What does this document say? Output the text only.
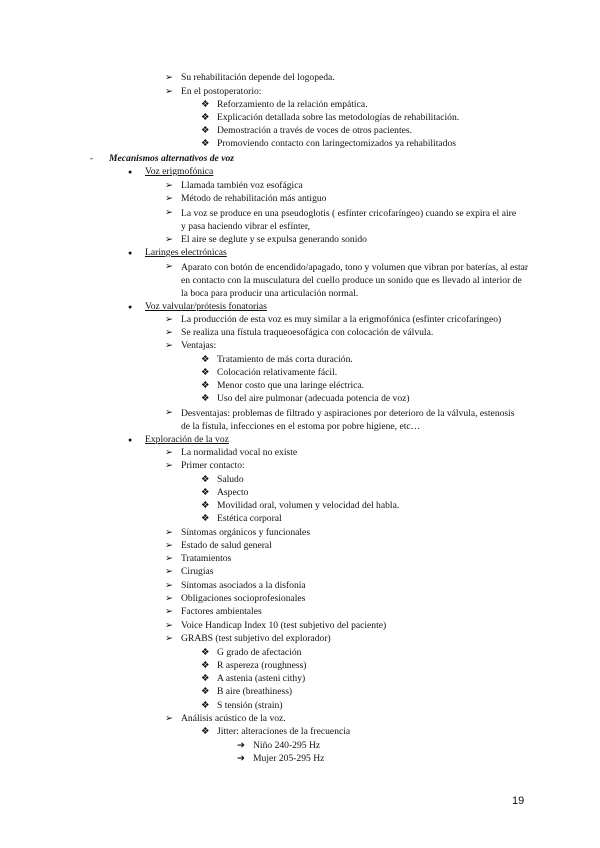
➢ Su rehabilitación depende del logopeda.
➢ En el postoperatorio:
❖ Reforzamiento de la relación empática.
❖ Explicación detallada sobre las metodologías de rehabilitación.
❖ Demostración a través de voces de otros pacientes.
❖ Promoviendo contacto con laringectomizados ya rehabilitados
- Mecanismos alternativos de voz
● Voz erigmofónica
➢ Llamada también voz esofágica
➢ Método de rehabilitación más antiguo
➢ La voz se produce en una pseudoglotis ( esfínter cricofaríngeo) cuando se expira el aire y pasa haciendo vibrar el esfínter,
➢ El aire se deglute y se expulsa generando sonido
● Laringes electrónicas
➢ Aparato con botón de encendido/apagado, tono y volumen que vibran por baterías, al estar en contacto con la musculatura del cuello produce un sonido que es llevado al interior de la boca para producir una articulación normal.
● Voz valvular/prótesis fonatorias
➢ La producción de esta voz es muy similar a la erigmofónica (esfínter cricofaríngeo)
➢ Se realiza una fístula traqueoesofágica con colocación de válvula.
➢ Ventajas:
❖ Tratamiento de más corta duración.
❖ Colocación relativamente fácil.
❖ Menor costo que una laringe eléctrica.
❖ Uso del aire pulmonar (adecuada potencia de voz)
➢ Desventajas: problemas de filtrado y aspiraciones por deterioro de la válvula, estenosis de la fístula, infecciones en el estoma por pobre higiene, etc…
● Exploración de la voz
➢ La normalidad vocal no existe
➢ Primer contacto:
❖ Saludo
❖ Aspecto
❖ Movilidad oral, volumen y velocidad del habla.
❖ Estética corporal
➢ Síntomas orgánicos y funcionales
➢ Estado de salud general
➢ Tratamientos
➢ Cirugías
➢ Síntomas asociados a la disfonía
➢ Obligaciones socioprofesionales
➢ Factores ambientales
➢ Voice Handicap Index 10 (test subjetivo del paciente)
➢ GRABS (test subjetivo del explorador)
❖ G grado de afectación
❖ R aspereza (roughness)
❖ A astenia (asteni cithy)
❖ B aire (breathiness)
❖ S tensión (strain)
➢ Análisis acústico de la voz.
❖ Jitter: alteraciones de la frecuencia
➔ Niño 240-295 Hz
➔ Mujer 205-295 Hz
19
